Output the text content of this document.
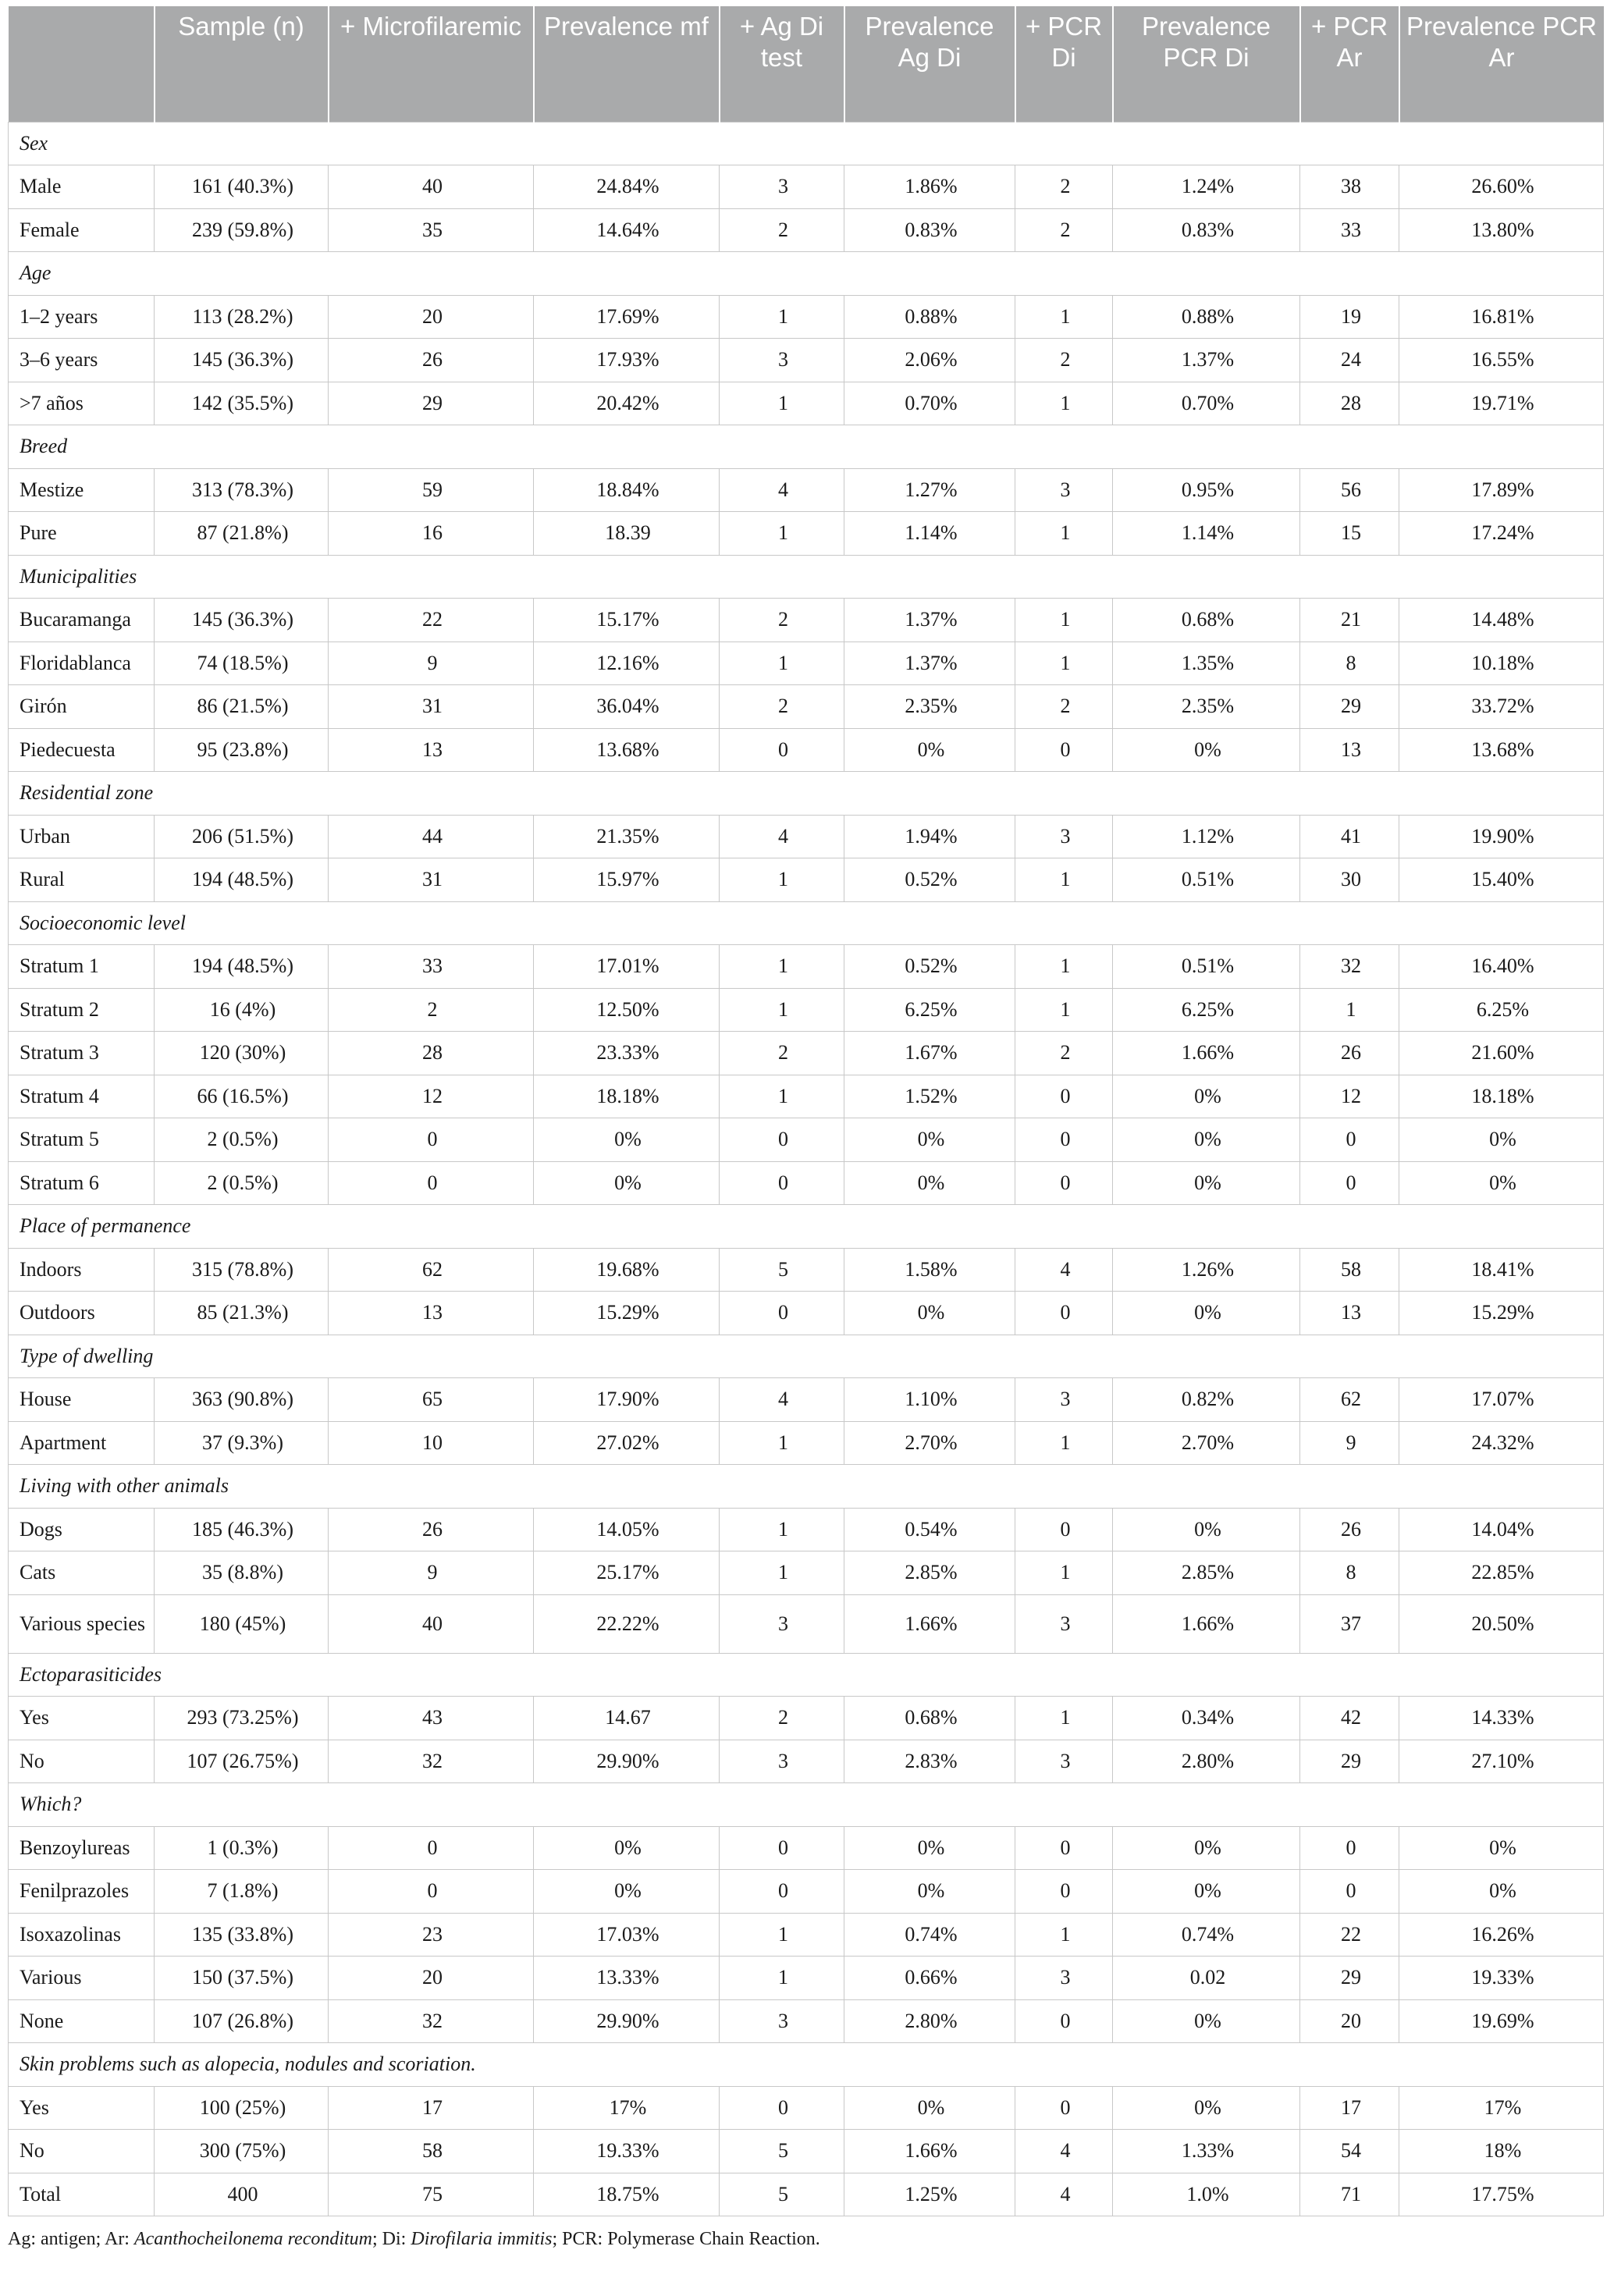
	Sample (n)	+ Microfilaremic	Prevalence mf	+ Ag Di test	Prevalence Ag Di	+ PCR Di	Prevalence PCR Di	+ PCR Ar	Prevalence PCR Ar
Sex									
Male	161 (40.3%)	40	24.84%	3	1.86%	2	1.24%	38	26.60%
Female	239 (59.8%)	35	14.64%	2	0.83%	2	0.83%	33	13.80%
Age									
1–2 years	113 (28.2%)	20	17.69%	1	0.88%	1	0.88%	19	16.81%
3–6 years	145 (36.3%)	26	17.93%	3	2.06%	2	1.37%	24	16.55%
>7 años	142 (35.5%)	29	20.42%	1	0.70%	1	0.70%	28	19.71%
Breed									
Mestize	313 (78.3%)	59	18.84%	4	1.27%	3	0.95%	56	17.89%
Pure	87 (21.8%)	16	18.39	1	1.14%	1	1.14%	15	17.24%
Municipalities									
Bucaramanga	145 (36.3%)	22	15.17%	2	1.37%	1	0.68%	21	14.48%
Floridablanca	74 (18.5%)	9	12.16%	1	1.37%	1	1.35%	8	10.18%
Girón	86 (21.5%)	31	36.04%	2	2.35%	2	2.35%	29	33.72%
Piedecuesta	95 (23.8%)	13	13.68%	0	0%	0	0%	13	13.68%
Residential zone									
Urban	206 (51.5%)	44	21.35%	4	1.94%	3	1.12%	41	19.90%
Rural	194 (48.5%)	31	15.97%	1	0.52%	1	0.51%	30	15.40%
Socioeconomic level									
Stratum 1	194 (48.5%)	33	17.01%	1	0.52%	1	0.51%	32	16.40%
Stratum 2	16 (4%)	2	12.50%	1	6.25%	1	6.25%	1	6.25%
Stratum 3	120 (30%)	28	23.33%	2	1.67%	2	1.66%	26	21.60%
Stratum 4	66 (16.5%)	12	18.18%	1	1.52%	0	0%	12	18.18%
Stratum 5	2 (0.5%)	0	0%	0	0%	0	0%	0	0%
Stratum 6	2 (0.5%)	0	0%	0	0%	0	0%	0	0%
Place of permanence									
Indoors	315 (78.8%)	62	19.68%	5	1.58%	4	1.26%	58	18.41%
Outdoors	85 (21.3%)	13	15.29%	0	0%	0	0%	13	15.29%
Type of dwelling									
House	363 (90.8%)	65	17.90%	4	1.10%	3	0.82%	62	17.07%
Apartment	37 (9.3%)	10	27.02%	1	2.70%	1	2.70%	9	24.32%
Living with other animals									
Dogs	185 (46.3%)	26	14.05%	1	0.54%	0	0%	26	14.04%
Cats	35 (8.8%)	9	25.17%	1	2.85%	1	2.85%	8	22.85%
Various species	180 (45%)	40	22.22%	3	1.66%	3	1.66%	37	20.50%
Ectoparasiticides									
Yes	293 (73.25%)	43	14.67	2	0.68%	1	0.34%	42	14.33%
No	107 (26.75%)	32	29.90%	3	2.83%	3	2.80%	29	27.10%
Which?									
Benzoylureas	1 (0.3%)	0	0%	0	0%	0	0%	0	0%
Fenilprazoles	7 (1.8%)	0	0%	0	0%	0	0%	0	0%
Isoxazolinas	135 (33.8%)	23	17.03%	1	0.74%	1	0.74%	22	16.26%
Various	150 (37.5%)	20	13.33%	1	0.66%	3	0.02	29	19.33%
None	107 (26.8%)	32	29.90%	3	2.80%	0	0%	20	19.69%
Skin problems such as alopecia, nodules and scoriation.									
Yes	100 (25%)	17	17%	0	0%	0	0%	17	17%
No	300 (75%)	58	19.33%	5	1.66%	4	1.33%	54	18%
Total	400	75	18.75%	5	1.25%	4	1.0%	71	17.75%
Ag: antigen; Ar: Acanthocheilonema reconditum; Di: Dirofilaria immitis; PCR: Polymerase Chain Reaction.
